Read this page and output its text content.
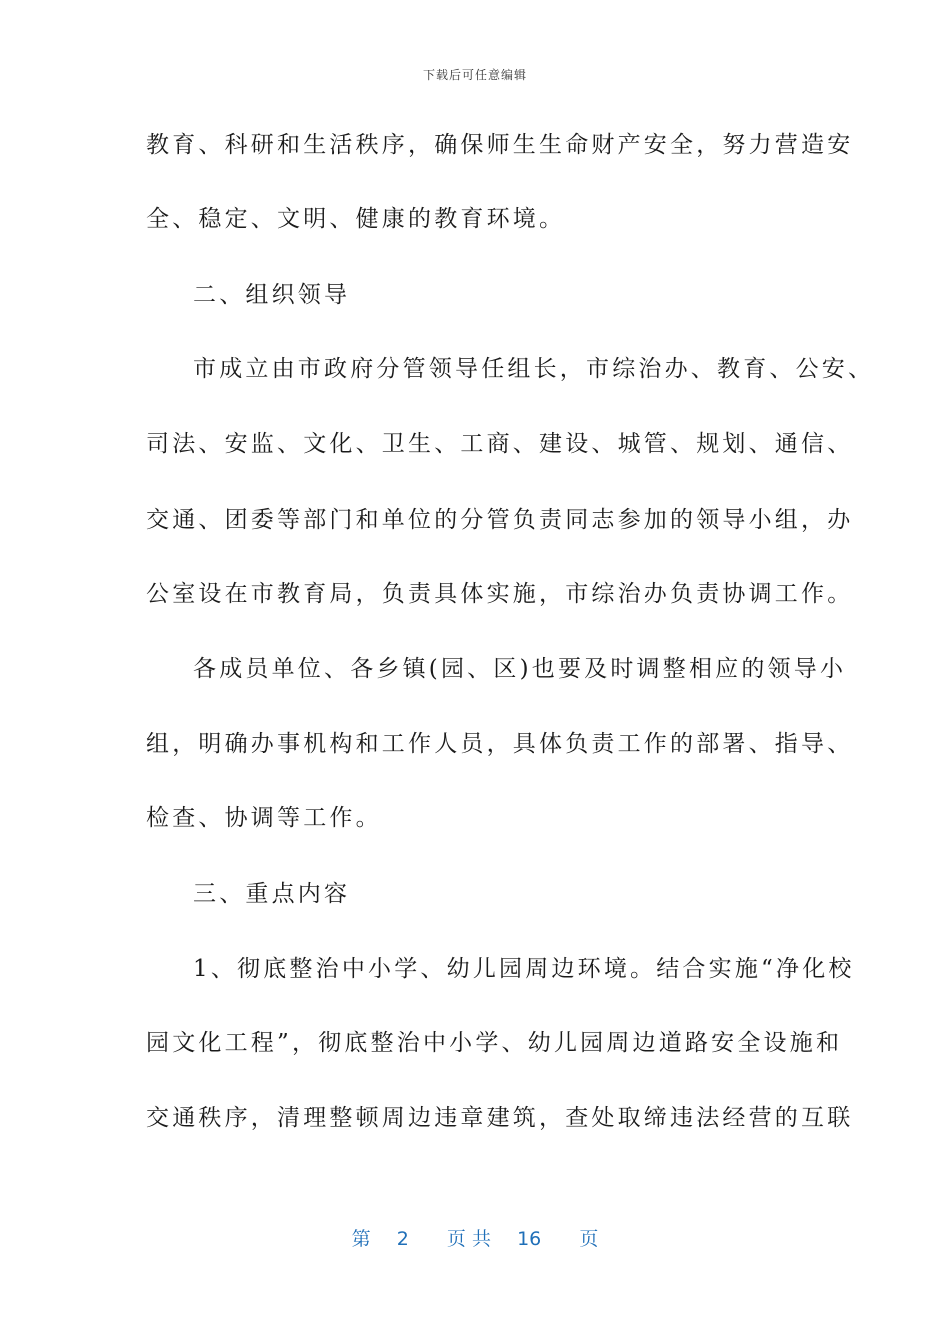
下载后可任意编辑
教育、科研和生活秩序，确保师生生命财产安全，努力营造安
全、稳定、文明、健康的教育环境。
二、组织领导
市成立由市政府分管领导任组长，市综治办、教育、公安、
司法、安监、文化、卫生、工商、建设、城管、规划、通信、
交通、团委等部门和单位的分管负责同志参加的领导小组，办
公室设在市教育局，负责具体实施，市综治办负责协调工作。
各成员单位、各乡镇(园、区)也要及时调整相应的领导小
组，明确办事机构和工作人员，具体负责工作的部署、指导、
检查、协调等工作。
三、重点内容
1、彻底整治中小学、幼儿园周边环境。结合实施“净化校
园文化工程”，彻底整治中小学、幼儿园周边道路安全设施和
交通秩序，清理整顿周边违章建筑，查处取缔违法经营的互联
第 2 页 共 16 页
